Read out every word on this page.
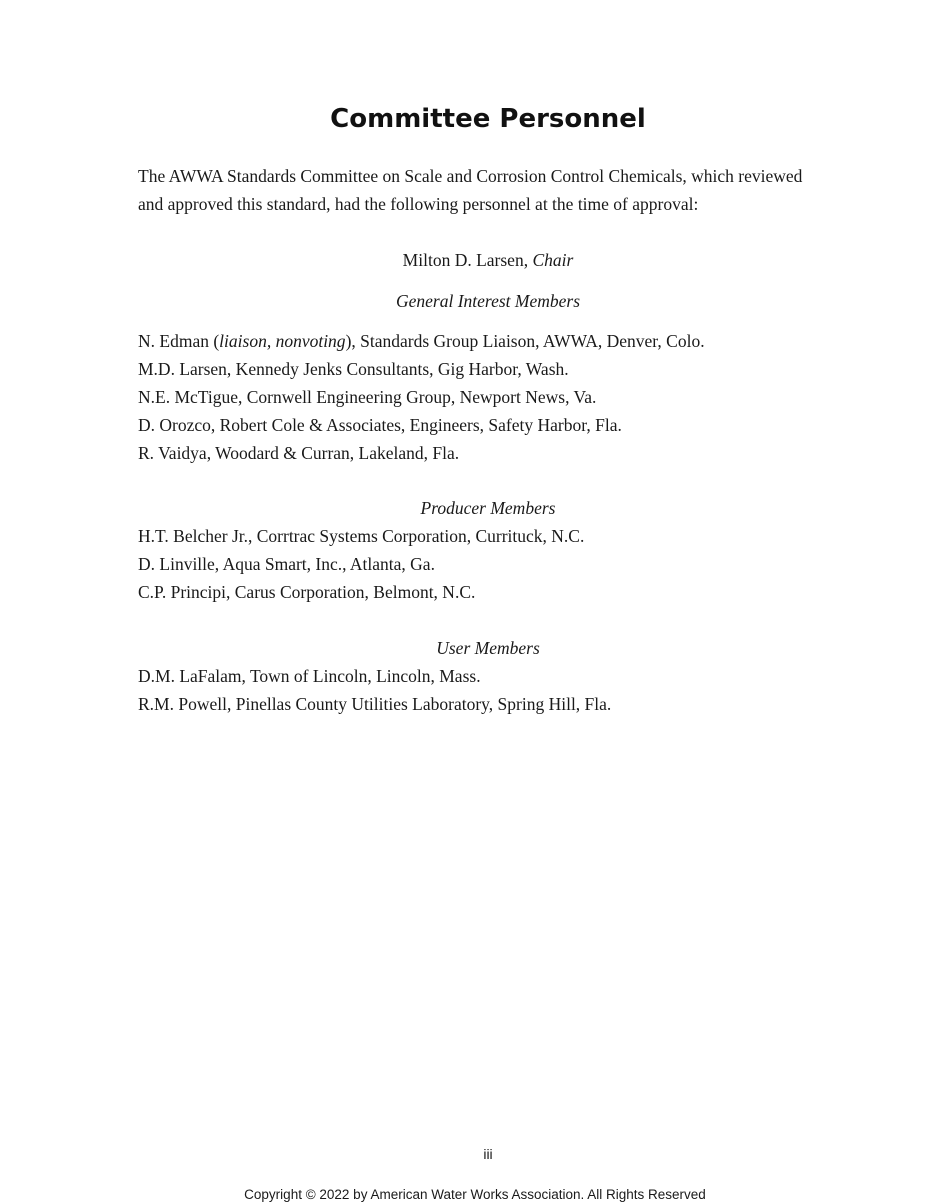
Committee Personnel
The AWWA Standards Committee on Scale and Corrosion Control Chemicals, which reviewed
and approved this standard, had the following personnel at the time of approval:
Milton D. Larsen, Chair
General Interest Members
N. Edman (liaison, nonvoting), Standards Group Liaison, AWWA, Denver, Colo.
M.D. Larsen, Kennedy Jenks Consultants, Gig Harbor, Wash.
N.E. McTigue, Cornwell Engineering Group, Newport News, Va.
D. Orozco, Robert Cole & Associates, Engineers, Safety Harbor, Fla.
R. Vaidya, Woodard & Curran, Lakeland, Fla.
Producer Members
H.T. Belcher Jr., Corrtrac Systems Corporation, Currituck, N.C.
D. Linville, Aqua Smart, Inc., Atlanta, Ga.
C.P. Principi, Carus Corporation, Belmont, N.C.
User Members
D.M. LaFalam, Town of Lincoln, Lincoln, Mass.
R.M. Powell, Pinellas County Utilities Laboratory, Spring Hill, Fla.
iii
Copyright © 2022 by American Water Works Association. All Rights Reserved
